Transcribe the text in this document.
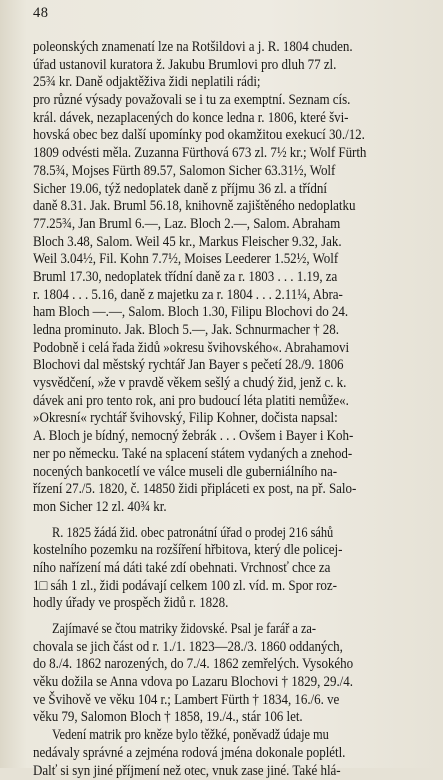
48
poleonských znamenatí lze na Rotšildovi a j. R. 1804 chuden.
úřad ustanovil kuratora ž. Jakubu Brumlovi pro dluh 77 zl.
25¾ kr. Daně odjaktěživa židi neplatili rádi;
pro různé výsady považovali se i tu za exemptní. Seznam cís.
král. dávek, nezaplacených do konce ledna r. 1806, které švi-
hovská obec bez další upomínky pod okamžitou exekucí 30./12.
1809 odvésti měla. Zuzanna Fürthová 673 zl. 7½ kr.; Wolf Fürth
78.5¾, Mojses Fürth 89.57, Salomon Sicher 63.31½, Wolf
Sicher 19.06, týž nedoplatek daně z příjmu 36 zl. a třídní
daně 8.31. Jak. Bruml 56.18, knihovně zajištěného nedoplatku
77.25¾, Jan Bruml 6.—, Laz. Bloch 2.—, Salom. Abraham
Bloch 3.48, Salom. Weil 45 kr., Markus Fleischer 9.32, Jak.
Weil 3.04½, Fil. Kohn 7.7½, Moises Leederer 1.52½, Wolf
Bruml 17.30, nedoplatek třídní daně za r. 1803 . . . 1.19, za
r. 1804 . . . 5.16, daně z majetku za r. 1804 . . . 2.11¼, Abra-
ham Bloch —.—, Salom. Bloch 1.30, Filipu Blochovi do 24.
ledna prominuto. Jak. Bloch 5.—, Jak. Schnurmacher † 28.
Podobně i celá řada židů »okresu švihovského«. Abrahamovi
Blochovi dal městský rychtář Jan Bayer s pečetí 28./9. 1806
vysvědčení, »že v pravdě věkem sešlý a chudý žid, jenž c. k.
dávek ani pro tento rok, ani pro budoucí léta platiti nemůže«.
»Okresní« rychtář švihovský, Filip Kohner, dočista napsal:
A. Bloch je bídný, nemocný žebrák . . . Ovšem i Bayer i Koh-
ner po německu. Také na splacení státem vydaných a znehod-
nocených bankocetlí ve válce museli dle guberniálního na-
řízení 27./5. 1820, č. 14850 židi připláceti ex post, na př. Salo-
mon Sicher 12 zl. 40¾ kr.
R. 1825 žádá žid. obec patronátní úřad o prodej 216 sáhů
kostelního pozemku na rozšíření hřbitova, který dle policej-
ního nařízení má dáti také zdí obehnati. Vrchnosť chce za
1□ sáh 1 zl., židi podávají celkem 100 zl. víd. m. Spor roz-
hodly úřady ve prospěch židů r. 1828.
Zajímavé se čtou matriky židovské. Psal je farář a za-
chovala se jich část od r. 1./1. 1823—28./3. 1860 oddaných,
do 8./4. 1862 narozených, do 7./4. 1862 zemřelých. Vysokého
věku dožila se Anna vdova po Lazaru Blochovi † 1829, 29./4.
ve Švihově ve věku 104 r.; Lambert Fürth † 1834, 16./6. ve
věku 79, Salomon Bloch † 1858, 19./4., stár 106 let.
Vedení matrik pro kněze bylo těžké, poněvadž údaje mu
nedávaly správné a zejména rodová jména dokonale poplétl.
Dalť si syn jiné příjmení než otec, vnuk zase jiné. Také hlá-
